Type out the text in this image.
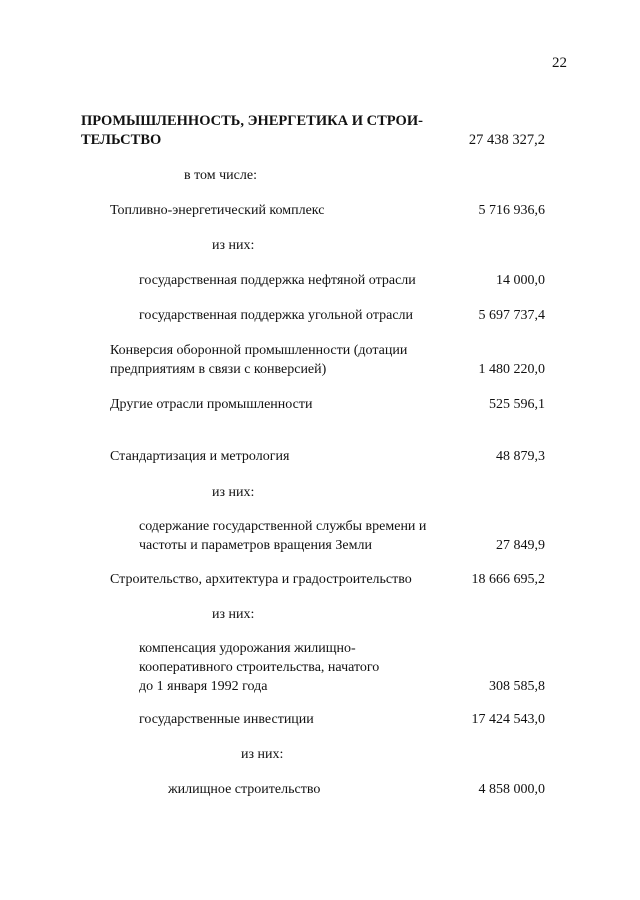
22
ПРОМЫШЛЕННОСТЬ, ЭНЕРГЕТИКА И СТРОИ-
ТЕЛЬСТВО	27 438 327,2
в том числе:
Топливно-энергетический комплекс	5 716 936,6
из них:
государственная поддержка нефтяной отрасли	14 000,0
государственная поддержка угольной отрасли	5 697 737,4
Конверсия оборонной промышленности (дотации
предприятиям в связи с конверсией)	1 480 220,0
Другие отрасли промышленности	525 596,1
Стандартизация и метрология	48 879,3
из них:
содержание государственной службы времени и
частоты и параметров вращения Земли	27 849,9
Строительство, архитектура и градостроительство	18 666 695,2
из них:
компенсация удорожания жилищно-
кооперативного строительства, начатого
до 1 января 1992 года	308 585,8
государственные инвестиции	17 424 543,0
из них:
жилищное строительство	4 858 000,0
